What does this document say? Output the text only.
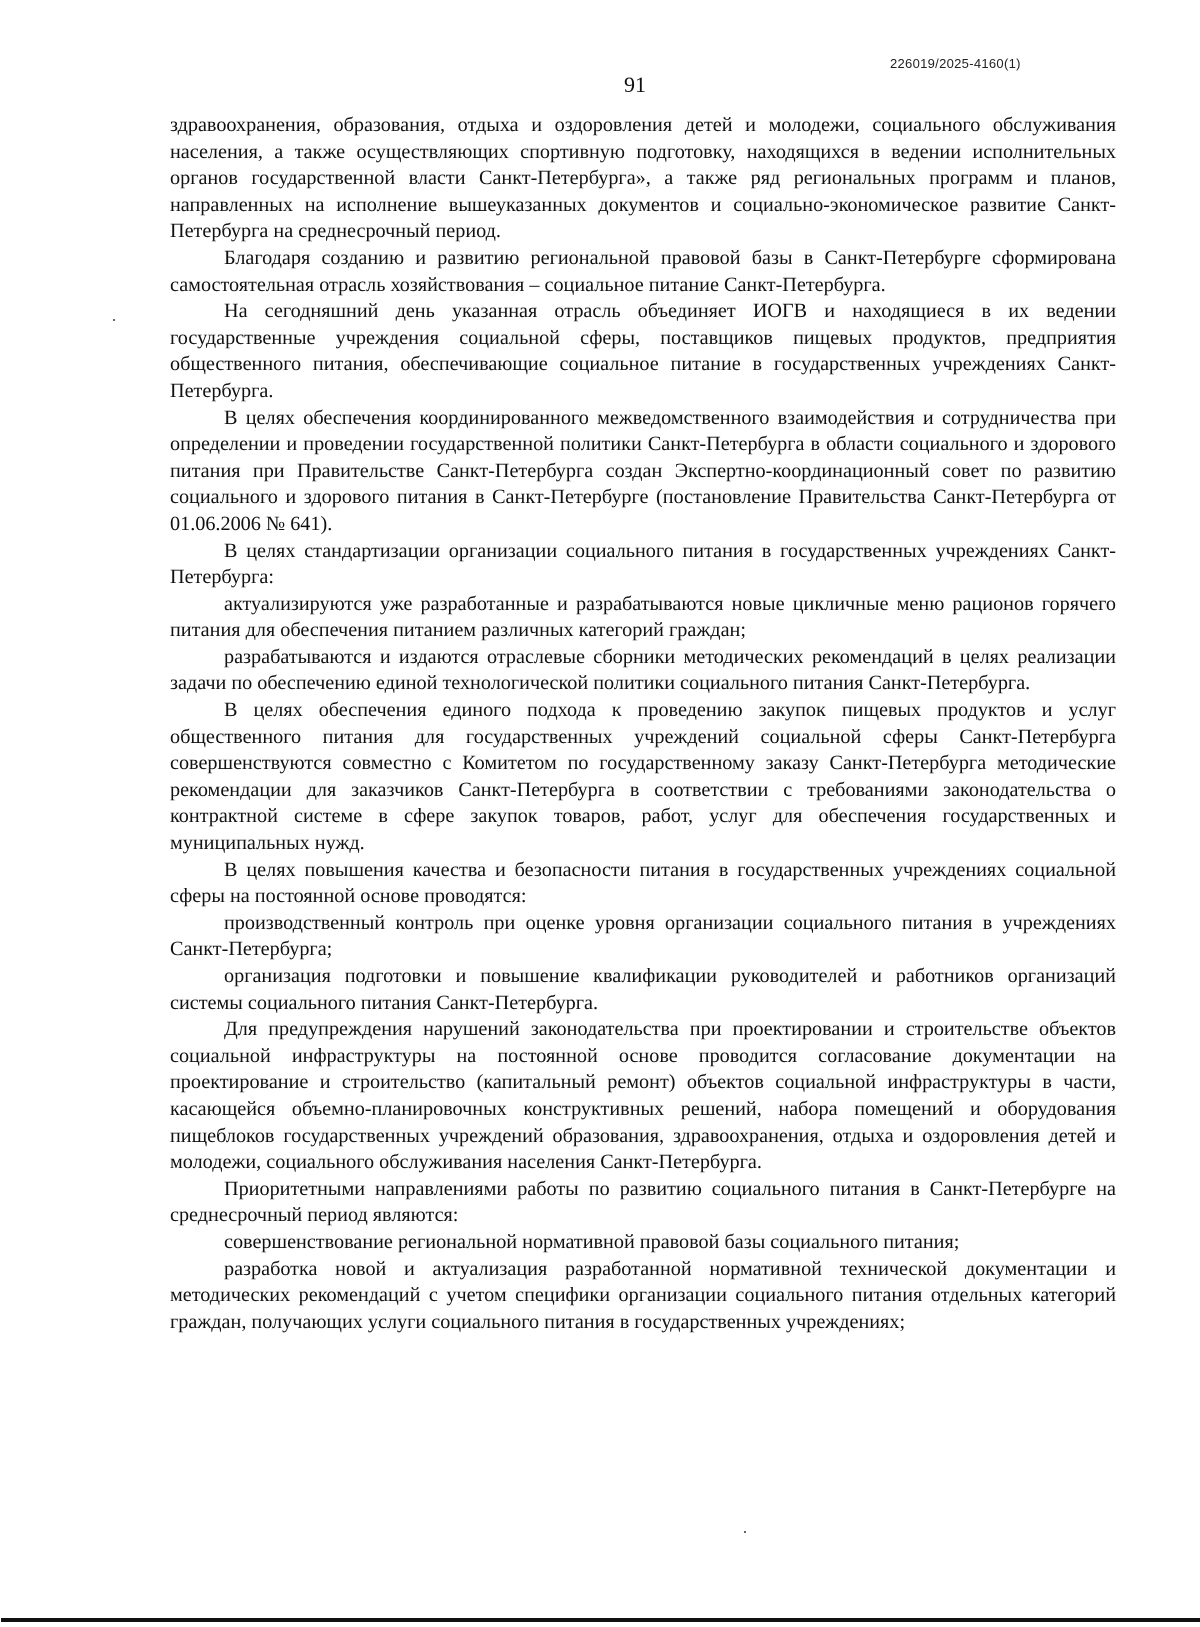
226019/2025-4160(1)
91

здравоохранения, образования, отдыха и оздоровления детей и молодежи, социального обслуживания населения, а также осуществляющих спортивную подготовку, находящихся в ведении исполнительных органов государственной власти Санкт-Петербурга», а также ряд региональных программ и планов, направленных на исполнение вышеуказанных документов и социально-экономическое развитие Санкт-Петербурга на среднесрочный период.

Благодаря созданию и развитию региональной правовой базы в Санкт-Петербурге сформирована самостоятельная отрасль хозяйствования – социальное питание Санкт-Петербурга.

На сегодняшний день указанная отрасль объединяет ИОГВ и находящиеся в их ведении государственные учреждения социальной сферы, поставщиков пищевых продуктов, предприятия общественного питания, обеспечивающие социальное питание в государственных учреждениях Санкт-Петербурга.

В целях обеспечения координированного межведомственного взаимодействия и сотрудничества при определении и проведении государственной политики Санкт-Петербурга в области социального и здорового питания при Правительстве Санкт-Петербурга создан Экспертно-координационный совет по развитию социального и здорового питания в Санкт-Петербурге (постановление Правительства Санкт-Петербурга от 01.06.2006 № 641).

В целях стандартизации организации социального питания в государственных учреждениях Санкт-Петербурга:

актуализируются уже разработанные и разрабатываются новые цикличные меню рационов горячего питания для обеспечения питанием различных категорий граждан;

разрабатываются и издаются отраслевые сборники методических рекомендаций в целях реализации задачи по обеспечению единой технологической политики социального питания Санкт-Петербурга.

В целях обеспечения единого подхода к проведению закупок пищевых продуктов и услуг общественного питания для государственных учреждений социальной сферы Санкт-Петербурга совершенствуются совместно с Комитетом по государственному заказу Санкт-Петербурга методические рекомендации для заказчиков Санкт-Петербурга в соответствии с требованиями законодательства о контрактной системе в сфере закупок товаров, работ, услуг для обеспечения государственных и муниципальных нужд.

В целях повышения качества и безопасности питания в государственных учреждениях социальной сферы на постоянной основе проводятся:

производственный контроль при оценке уровня организации социального питания в учреждениях Санкт-Петербурга;

организация подготовки и повышение квалификации руководителей и работников организаций системы социального питания Санкт-Петербурга.

Для предупреждения нарушений законодательства при проектировании и строительстве объектов социальной инфраструктуры на постоянной основе проводится согласование документации на проектирование и строительство (капитальный ремонт) объектов социальной инфраструктуры в части, касающейся объемно-планировочных конструктивных решений, набора помещений и оборудования пищеблоков государственных учреждений образования, здравоохранения, отдыха и оздоровления детей и молодежи, социального обслуживания населения Санкт-Петербурга.

Приоритетными направлениями работы по развитию социального питания в Санкт-Петербурге на среднесрочный период являются:

совершенствование региональной нормативной правовой базы социального питания;

разработка новой и актуализация разработанной нормативной технической документации и методических рекомендаций с учетом специфики организации социального питания отдельных категорий граждан, получающих услуги социального питания в государственных учреждениях;
